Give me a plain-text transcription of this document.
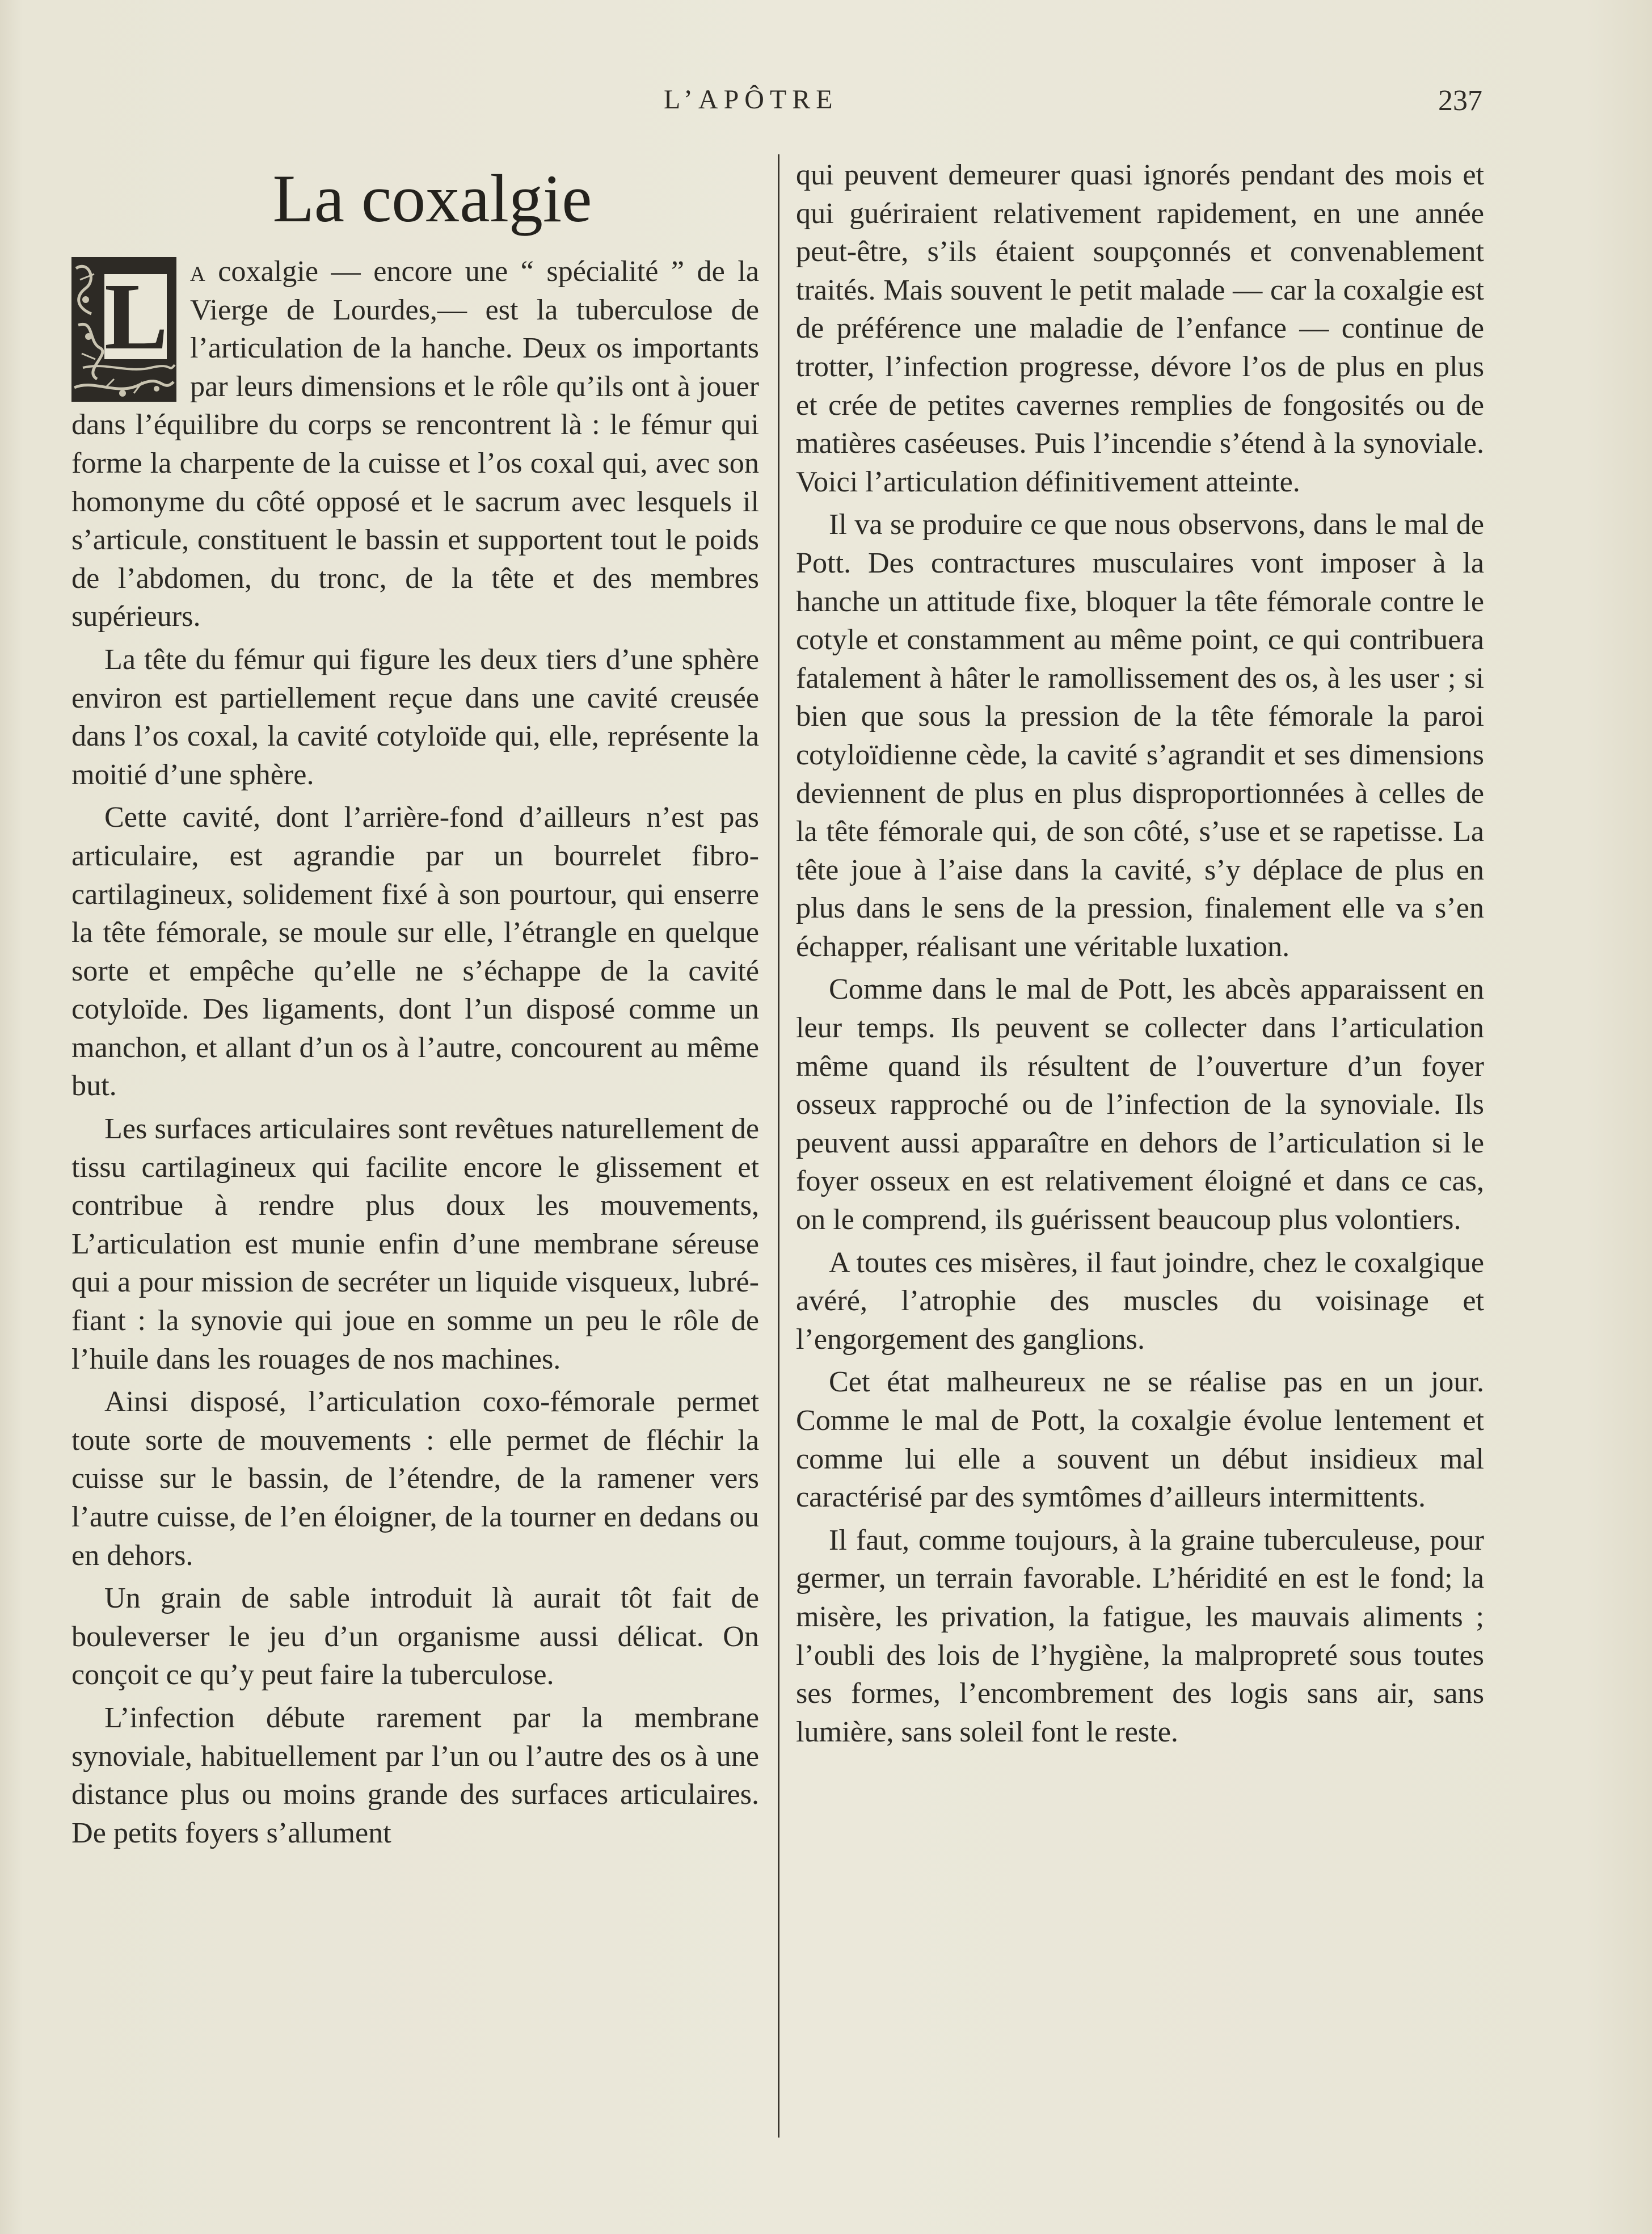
L’APÔTRE	237
La coxalgie

L a coxalgie — encore une “ spécialité ” de la Vierge de Lourdes,— est la tuberculose de l’articulation de la hanche. Deux os importants par leurs dimensions et le rôle qu’ils ont à jouer dans l’équilibre du corps se rencontrent là : le fémur qui forme la charpente de la cuisse et l’os coxal qui, avec son homonyme du côté opposé et le sacrum avec lesquels il s’articule, constituent le bassin et supportent tout le poids de l’abdomen, du tronc, de la tête et des membres supérieurs.

La tête du fémur qui figure les deux tiers d’une sphère environ est partiellement reçue dans une cavité creusée dans l’os coxal, la cavité cotyloïde qui, elle, représente la moitié d’une sphère.

Cette cavité, dont l’arrière-fond d’ailleurs n’est pas articulaire, est agrandie par un bourrelet fibro-cartilagineux, solidement fixé à son pourtour, qui enserre la tête fémorale, se moule sur elle, l’étrangle en quelque sorte et empêche qu’elle ne s’échappe de la cavité cotyloïde. Des ligaments, dont l’un disposé comme un manchon, et allant d’un os à l’autre, concourent au même but.

Les surfaces articulaires sont revêtues naturellement de tissu cartilagineux qui facilite encore le glissement et contribue à rendre plus doux les mouvements, L’articulation est munie enfin d’une membrane séreuse qui a pour mission de secréter un liquide visqueux, lubréfiant : la synovie qui joue en somme un peu le rôle de l’huile dans les rouages de nos machines.

Ainsi disposé, l’articulation coxo-fémorale permet toute sorte de mouvements : elle permet de fléchir la cuisse sur le bassin, de l’étendre, de la ramener vers l’autre cuisse, de l’en éloigner, de la tourner en dedans ou en dehors.

Un grain de sable introduit là aurait tôt fait de bouleverser le jeu d’un organisme aussi délicat. On conçoit ce qu’y peut faire la tuberculose.

L’infection débute rarement par la membrane synoviale, habituellement par l’un ou l’autre des os à une distance plus ou moins grande des surfaces articulaires. De petits foyers s’allument

qui peuvent demeurer quasi ignorés pendant des mois et qui guériraient relativement rapidement, en une année peut-être, s’ils étaient soupçonnés et convenablement traités. Mais souvent le petit malade — car la coxalgie est de préférence une maladie de l’enfance — continue de trotter, l’infection progresse, dévore l’os de plus en plus et crée de petites cavernes remplies de fongosités ou de matières caséeuses. Puis l’incendie s’étend à la synoviale. Voici l’articulation définitivement atteinte.

Il va se produire ce que nous observons, dans le mal de Pott. Des contractures musculaires vont imposer à la hanche un attitude fixe, bloquer la tête fémorale contre le cotyle et constamment au même point, ce qui contribuera fatalement à hâter le ramollissement des os, à les user ; si bien que sous la pression de la tête fémorale la paroi cotyloïdienne cède, la cavité s’agrandit et ses dimensions deviennent de plus en plus disproportionnées à celles de la tête fémorale qui, de son côté, s’use et se rapetisse. La tête joue à l’aise dans la cavité, s’y déplace de plus en plus dans le sens de la pression, finalement elle va s’en échapper, réalisant une véritable luxation.

Comme dans le mal de Pott, les abcès apparaissent en leur temps. Ils peuvent se collecter dans l’articulation même quand ils résultent de l’ouverture d’un foyer osseux rapproché ou de l’infection de la synoviale. Ils peuvent aussi apparaître en dehors de l’articulation si le foyer osseux en est relativement éloigné et dans ce cas, on le comprend, ils guérissent beaucoup plus volontiers.

A toutes ces misères, il faut joindre, chez le coxalgique avéré, l’atrophie des muscles du voisinage et l’engorgement des ganglions.

Cet état malheureux ne se réalise pas en un jour. Comme le mal de Pott, la coxalgie évolue lentement et comme lui elle a souvent un début insidieux mal caractérisé par des symtômes d’ailleurs intermittents.

Il faut, comme toujours, à la graine tuberculeuse, pour germer, un terrain favorable. L’héridité en est le fond; la misère, les privation, la fatigue, les mauvais aliments ; l’oubli des lois de l’hygiène, la malpropreté sous toutes ses formes, l’encombrement des logis sans air, sans lumière, sans soleil font le reste.
